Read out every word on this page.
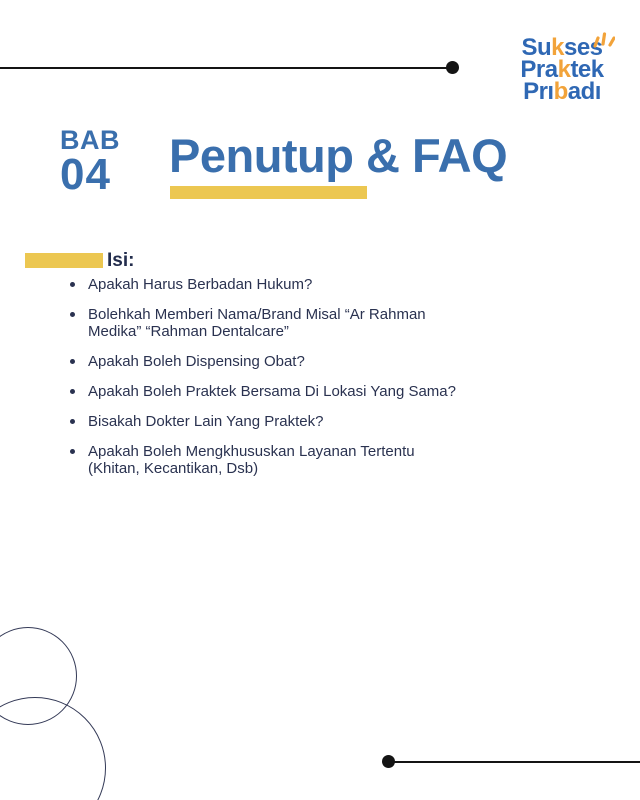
Sukses
Praktek
Prıbadı
BAB
04 Penutup & FAQ
Isi:
Apakah Harus Berbadan Hukum?
Bolehkah Memberi Nama/Brand Misal “Ar Rahman Medika” “Rahman Dentalcare”
Apakah Boleh Dispensing Obat?
Apakah Boleh Praktek Bersama Di Lokasi Yang Sama?
Bisakah Dokter Lain Yang Praktek?
Apakah Boleh Mengkhususkan Layanan Tertentu (Khitan, Kecantikan, Dsb)
